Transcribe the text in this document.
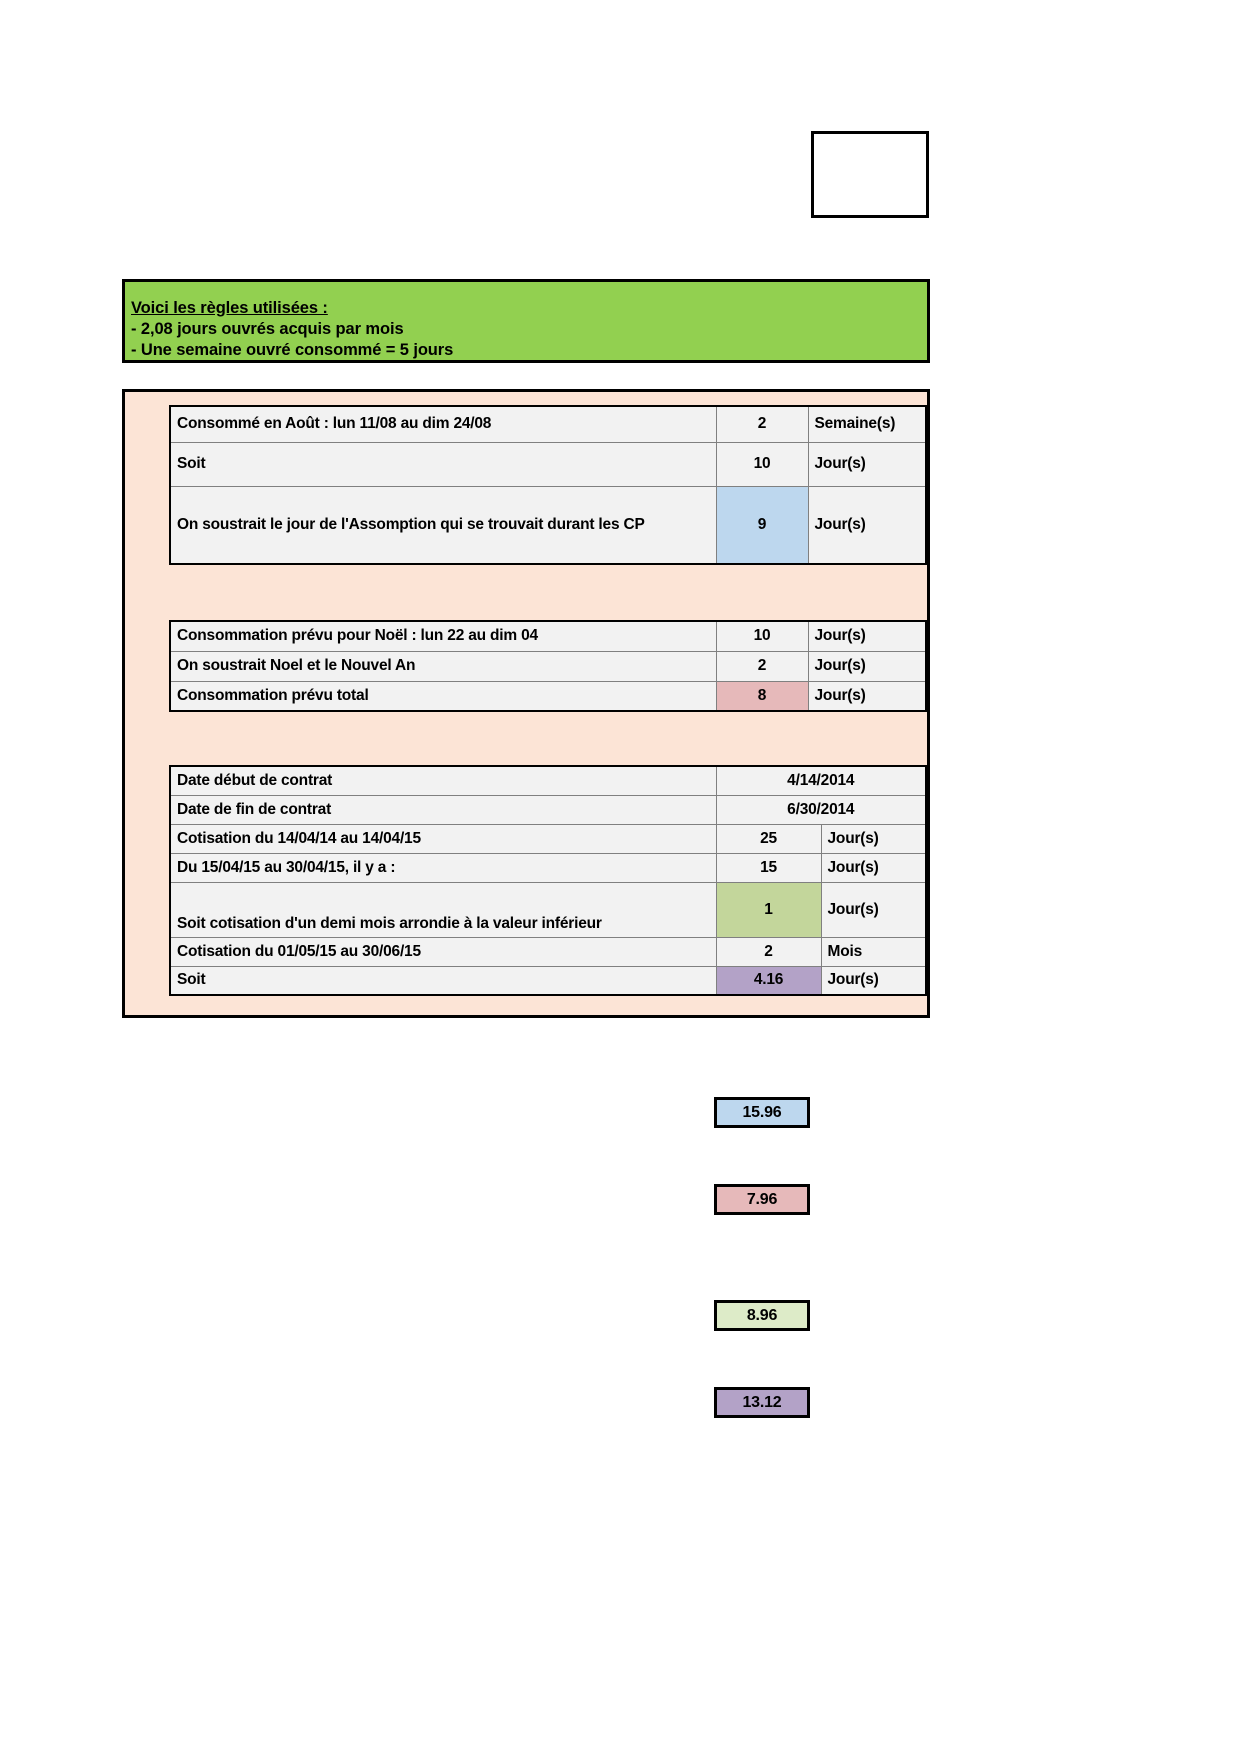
Voici les règles utilisées :
- 2,08 jours ouvrés acquis par mois
- Une semaine ouvré consommé = 5 jours
Consommé en Août : lun 11/08 au dim 24/08	2	Semaine(s)
Soit	10	Jour(s)
On soustrait le jour de l'Assomption qui se trouvait durant les CP	9	Jour(s)
Consommation prévu pour Noël : lun 22 au dim 04	10	Jour(s)
On soustrait Noel et le Nouvel An	2	Jour(s)
Consommation prévu total	8	Jour(s)
Date début de contrat	4/14/2014	
Date de fin de contrat	6/30/2014	
Cotisation du 14/04/14 au 14/04/15	25	Jour(s)
Du 15/04/15 au 30/04/15, il y a :	15	Jour(s)
Soit cotisation d'un demi mois arrondie à la valeur inférieur	1	Jour(s)
Cotisation du 01/05/15 au 30/06/15	2	Mois
Soit	4.16	Jour(s)
15.96
7.96
8.96
13.12
